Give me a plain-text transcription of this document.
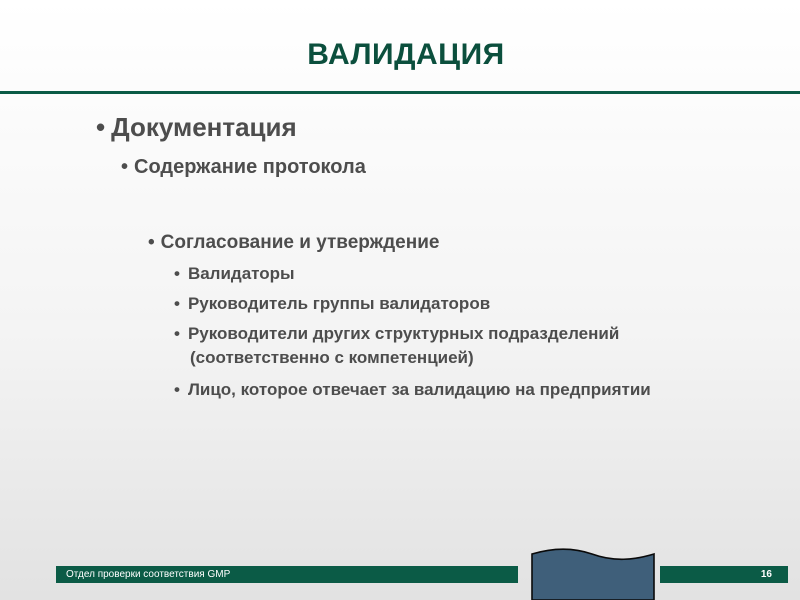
ВАЛИДАЦИЯ
• Документация
• Содержание протокола
• Согласование и утверждение
• Валидаторы
• Руководитель группы валидаторов
• Руководители других структурных подразделений
(соответственно с компетенцией)
• Лицо, которое отвечает за валидацию на предприятии
Отдел проверки соответствия GMP	16
